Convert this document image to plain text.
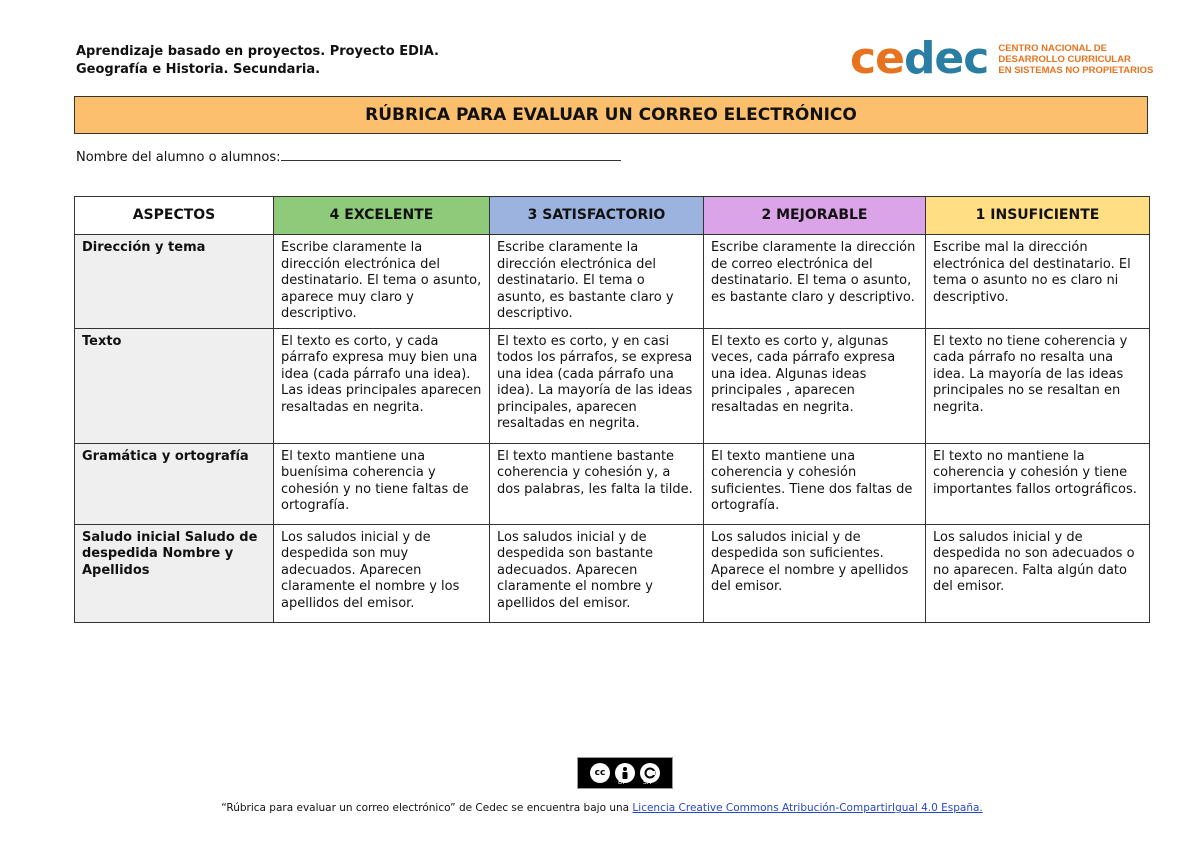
Aprendizaje basado en proyectos. Proyecto EDIA.
Geografía e Historia. Secundaria.	cedec CENTRO NACIONAL DE
DESARROLLO CURRICULAR
EN SISTEMAS NO PROPIETARIOS
RÚBRICA PARA EVALUAR UN CORREO ELECTRÓNICO
Nombre del alumno o alumnos:
ASPECTOS	4 EXCELENTE	3 SATISFACTORIO	2 MEJORABLE	1 INSUFICIENTE
Dirección y tema	Escribe claramente la dirección electrónica del destinatario. El tema o asunto, aparece muy claro y descriptivo.	Escribe claramente la dirección electrónica del destinatario. El tema o asunto, es bastante claro y descriptivo.	Escribe claramente la dirección de correo electrónica del destinatario. El tema o asunto, es bastante claro y descriptivo.	Escribe mal la dirección electrónica del destinatario. El tema o asunto no es claro ni descriptivo.
Texto	El texto es corto, y cada párrafo expresa muy bien una idea (cada párrafo una idea). Las ideas principales aparecen resaltadas en negrita.	El texto es corto, y en casi todos los párrafos, se expresa una idea (cada párrafo una idea). La mayoría de las ideas principales, aparecen resaltadas en negrita.	El texto es corto y, algunas veces, cada párrafo expresa una idea. Algunas ideas principales , aparecen resaltadas en negrita.	El texto no tiene coherencia y cada párrafo no resalta una idea. La mayoría de las ideas principales no se resaltan en negrita.
Gramática y ortografía	El texto mantiene una buenísima coherencia y cohesión y no tiene faltas de ortografía.	El texto mantiene bastante coherencia y cohesión y, a dos palabras, les falta la tilde.	El texto mantiene una coherencia y cohesión suficientes. Tiene dos faltas de ortografía.	El texto no mantiene la coherencia y cohesión y tiene importantes fallos ortográficos.
Saludo inicial Saludo de despedida Nombre y Apellidos	Los saludos inicial y de despedida son muy adecuados. Aparecen claramente el nombre y los apellidos del emisor.	Los saludos inicial y de despedida son bastante adecuados. Aparecen claramente el nombre y apellidos del emisor.	Los saludos inicial y de despedida son suficientes. Aparece el nombre y apellidos del emisor.	Los saludos inicial y de despedida no son adecuados o no aparecen. Falta algún dato del emisor.
cc
BY	SA
“Rúbrica para evaluar un correo electrónico” de Cedec se encuentra bajo una Licencia Creative Commons Atribución-CompartirIgual 4.0 España.
